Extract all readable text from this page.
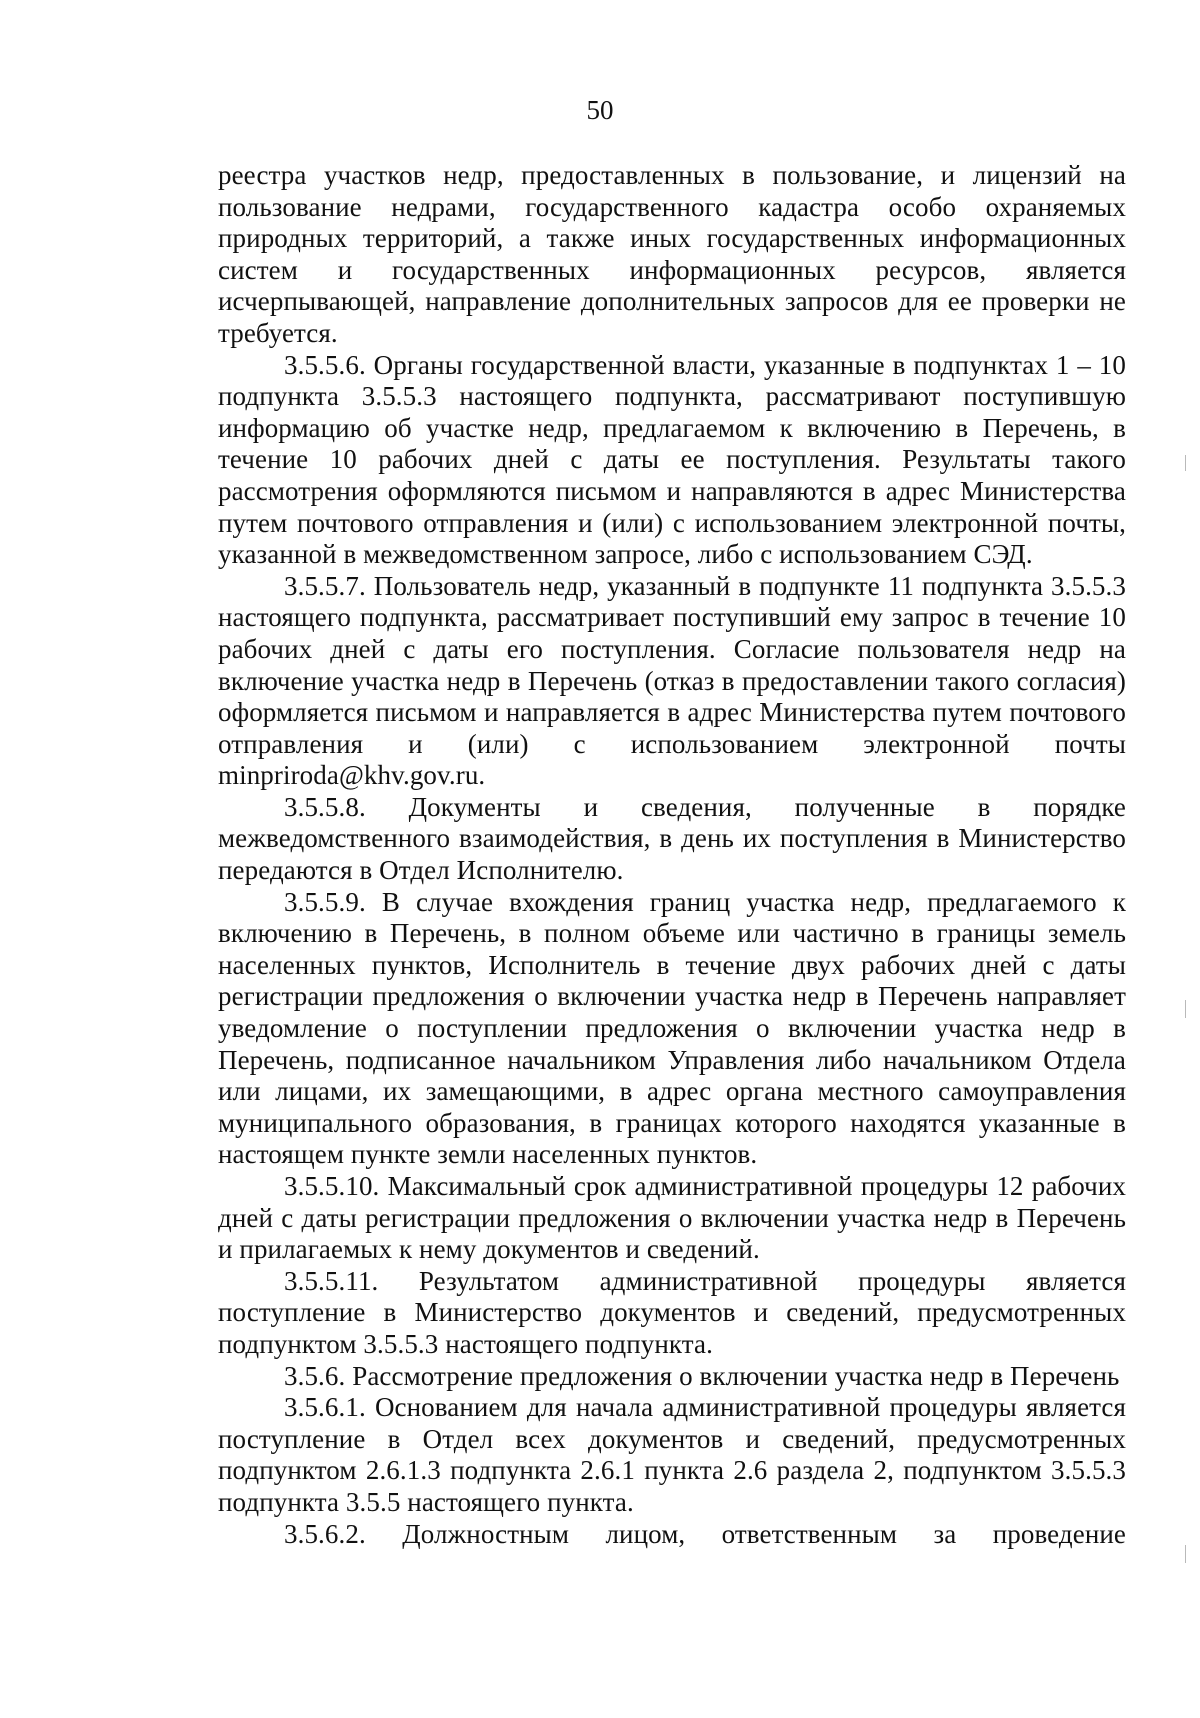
50

реестра участков недр, предоставленных в пользование, и лицензий на пользование недрами, государственного кадастра особо охраняемых природных территорий, а также иных государственных информационных систем и государственных информационных ресурсов, является исчерпывающей, направление дополнительных запросов для ее проверки не требуется.

3.5.5.6. Органы государственной власти, указанные в подпунктах 1 – 10 подпункта 3.5.5.3 настоящего подпункта, рассматривают поступившую информацию об участке недр, предлагаемом к включению в Перечень, в течение 10 рабочих дней с даты ее поступления. Результаты такого рассмотрения оформляются письмом и направляются в адрес Министерства путем почтового отправления и (или) с использованием электронной почты, указанной в межведомственном запросе, либо с использованием СЭД.

3.5.5.7. Пользователь недр, указанный в подпункте 11 подпункта 3.5.5.3 настоящего подпункта, рассматривает поступивший ему запрос в течение 10 рабочих дней с даты его поступления. Согласие пользователя недр на включение участка недр в Перечень (отказ в предоставлении такого согласия) оформляется письмом и направляется в адрес Министерства путем почтового отправления и (или) с использованием электронной почты minprirodа@khv.gov.ru.

3.5.5.8. Документы и сведения, полученные в порядке межведомственного взаимодействия, в день их поступления в Министерство передаются в Отдел Исполнителю.

3.5.5.9. В случае вхождения границ участка недр, предлагаемого к включению в Перечень, в полном объеме или частично в границы земель населенных пунктов, Исполнитель в течение двух рабочих дней с даты регистрации предложения о включении участка недр в Перечень направляет уведомление о поступлении предложения о включении участка недр в Перечень, подписанное начальником Управления либо начальником Отдела или лицами, их замещающими, в адрес органа местного самоуправления муниципального образования, в границах которого находятся указанные в настоящем пункте земли населенных пунктов.

3.5.5.10. Максимальный срок административной процедуры 12 рабочих дней с даты регистрации предложения о включении участка недр в Перечень и прилагаемых к нему документов и сведений.

3.5.5.11. Результатом административной процедуры является поступление в Министерство документов и сведений, предусмотренных подпунктом 3.5.5.3 настоящего подпункта.

3.5.6. Рассмотрение предложения о включении участка недр в Перечень

3.5.6.1. Основанием для начала административной процедуры является поступление в Отдел всех документов и сведений, предусмотренных подпунктом 2.6.1.3 подпункта 2.6.1 пункта 2.6 раздела 2, подпунктом 3.5.5.3 подпункта 3.5.5 настоящего пункта.

3.5.6.2. Должностным лицом, ответственным за проведение
